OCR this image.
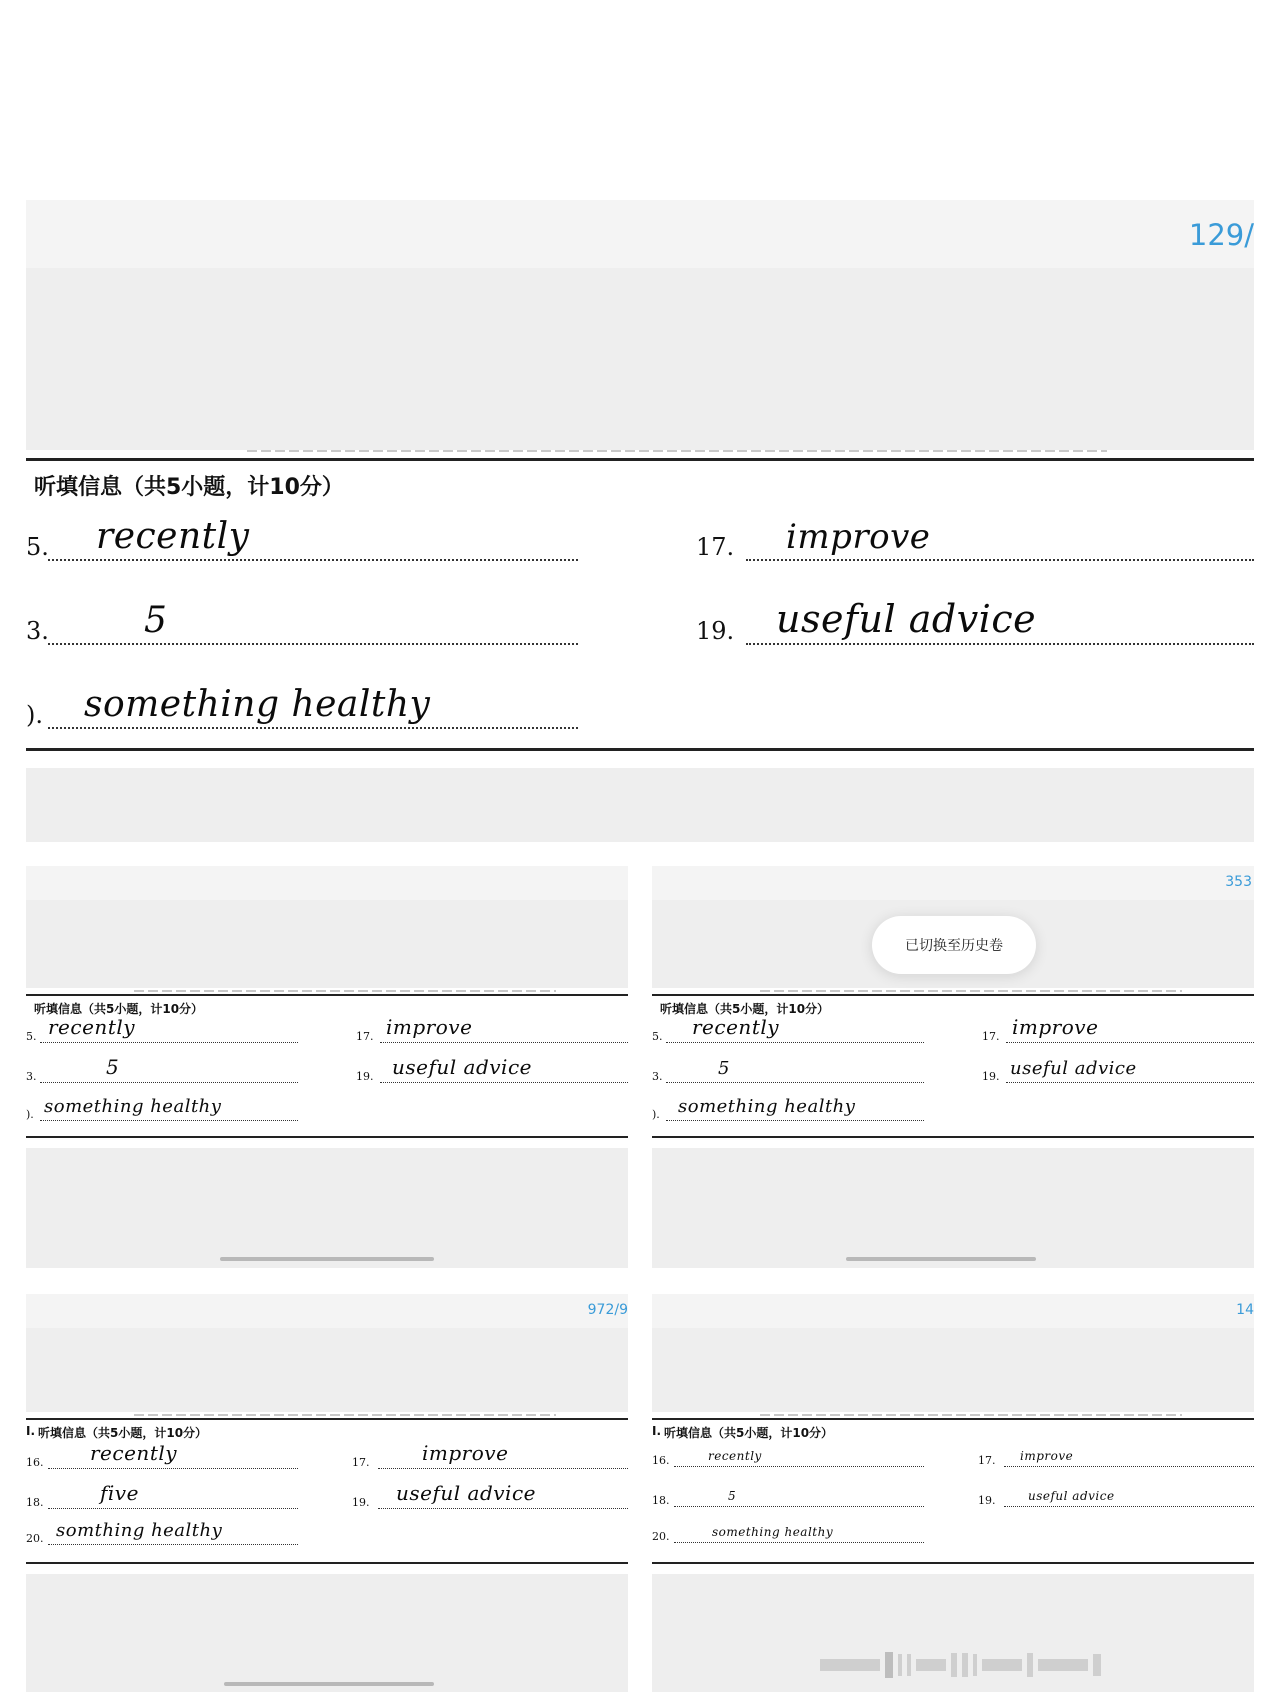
129/
听填信息（共5小题，计10分）
5. recently	17. improve
3.	5	19. useful advice
). something healthy
听填信息（共5小题，计10分）
5. recently	17. improve
3.	5	19. useful advice
). something healthy
353
已切换至历史卷
听填信息（共5小题，计10分）
5. recently	17. improve
3.	5	19. useful advice
). something healthy
972/9
I. 听填信息（共5小题，计10分）
16. recently	17.	improve
18.	five	19. useful advice
20. somthing healthy
14
I. 听填信息（共5小题，计10分）
16.	recently	17. improve
18.	5	19.	useful advice
20.	something healthy
